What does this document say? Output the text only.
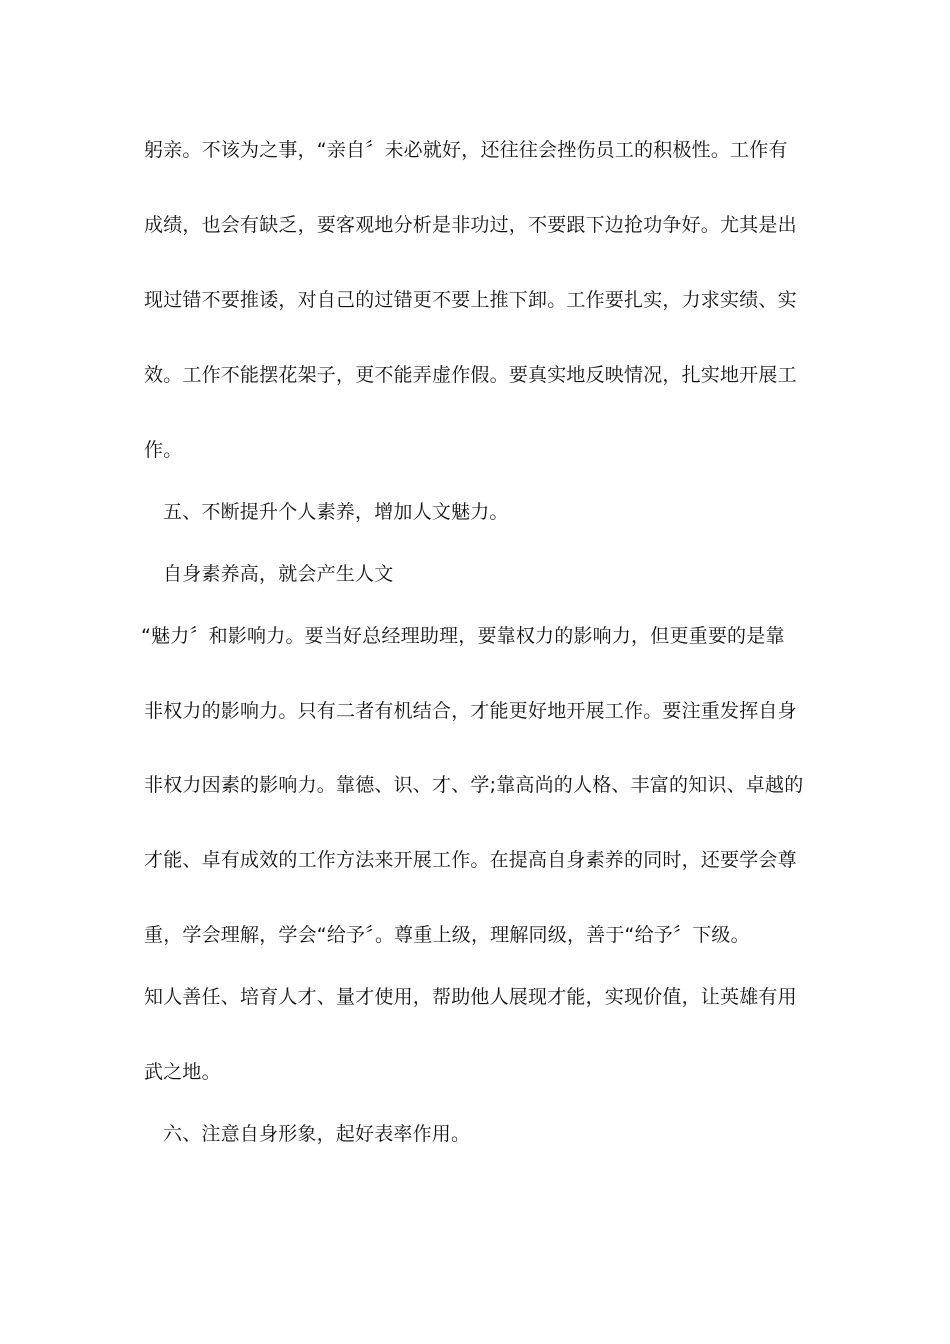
躬亲。不该为之事，“亲自〞未必就好，还往往会挫伤员工的积极性。工作有
成绩，也会有缺乏，要客观地分析是非功过，不要跟下边抢功争好。尤其是出
现过错不要推诿，对自己的过错更不要上推下卸。工作要扎实，力求实绩、实
效。工作不能摆花架子，更不能弄虚作假。要真实地反映情况，扎实地开展工
作。
五、不断提升个人素养，增加人文魅力。
自身素养高，就会产生人文
“魅力〞和影响力。要当好总经理助理，要靠权力的影响力，但更重要的是靠
非权力的影响力。只有二者有机结合，才能更好地开展工作。要注重发挥自身
非权力因素的影响力。靠德、识、才、学;靠高尚的人格、丰富的知识、卓越的
才能、卓有成效的工作方法来开展工作。在提高自身素养的同时，还要学会尊
重，学会理解，学会“给予〞。尊重上级，理解同级，善于“给予〞下级。
知人善任、培育人才、量才使用，帮助他人展现才能，实现价值，让英雄有用
武之地。
六、注意自身形象，起好表率作用。
